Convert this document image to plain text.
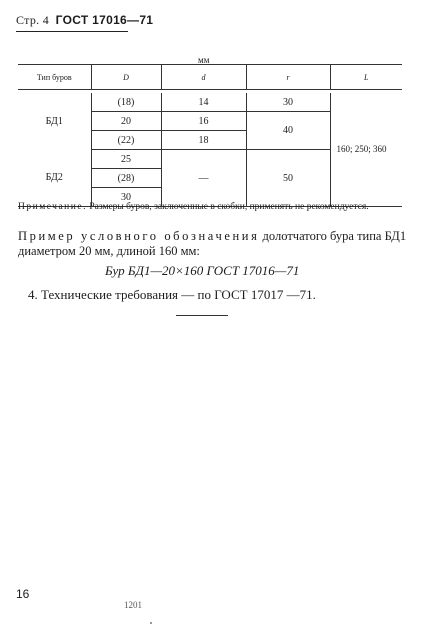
Стр. 4 ГОСТ 17016—71

мм

Тип буров	D	d	r	L

БД1	(18)	14	30	160; 250; 360
	20	16	40	
	(22)	18		
БД2	25	—	50	
	(28)			
	30			

Примечание. Размеры буров, заключенные в скобки, применять не рекомендуется.

Пример условного обозначения долотчатого бура типа БД1 диаметром 20 мм, длиной 160 мм:

Бур БД1—20×160 ГОСТ 17016—71

4. Технические требования — по ГОСТ 17017 —71.

16

1201
